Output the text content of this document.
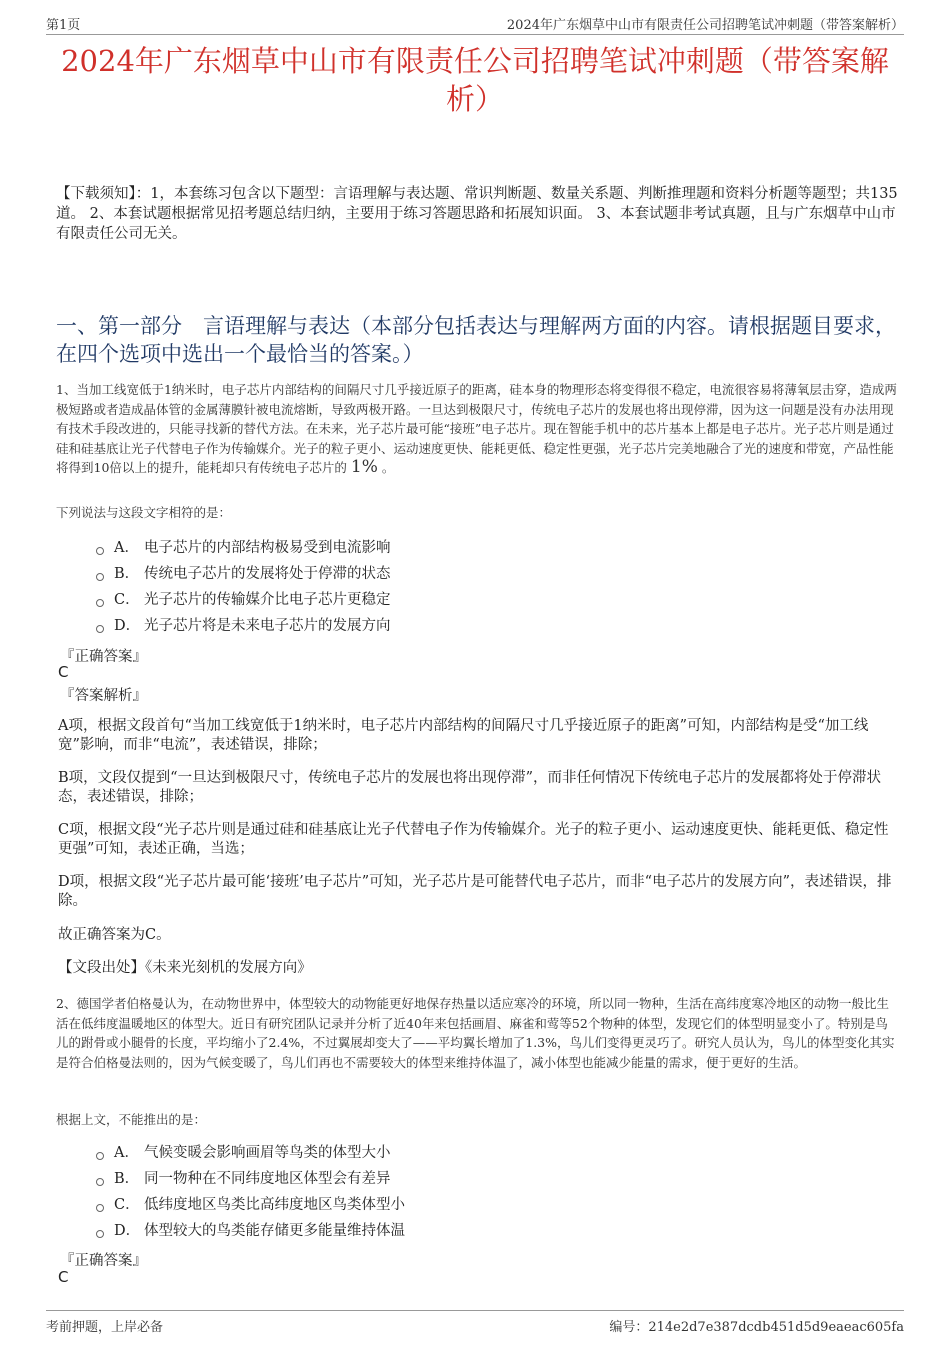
第1页	2024年广东烟草中山市有限责任公司招聘笔试冲刺题（带答案解析）
2024年广东烟草中山市有限责任公司招聘笔试冲刺题（带答案解析）
【下载须知】：1，本套练习包含以下题型：言语理解与表达题、常识判断题、数量关系题、判断推理题和资料分析题等题型；共135道。 2、本套试题根据常见招考题总结归纳，主要用于练习答题思路和拓展知识面。 3、本套试题非考试真题，且与广东烟草中山市有限责任公司无关。
一、第一部分　言语理解与表达（本部分包括表达与理解两方面的内容。请根据题目要求，在四个选项中选出一个最恰当的答案。）
1、当加工线宽低于1纳米时，电子芯片内部结构的间隔尺寸几乎接近原子的距离，硅本身的物理形态将变得很不稳定，电流很容易将薄氧层击穿，造成两极短路或者造成晶体管的金属薄膜针被电流熔断，导致两极开路。一旦达到极限尺寸，传统电子芯片的发展也将出现停滞，因为这一问题是没有办法用现有技术手段改进的，只能寻找新的替代方法。在未来，光子芯片最可能“接班”电子芯片。现在智能手机中的芯片基本上都是电子芯片。光子芯片则是通过硅和硅基底让光子代替电子作为传输媒介。光子的粒子更小、运动速度更快、能耗更低、稳定性更强，光子芯片完美地融合了光的速度和带宽，产品性能将得到10倍以上的提升，能耗却只有传统电子芯片的 1% 。
下列说法与这段文字相符的是：
A． 电子芯片的内部结构极易受到电流影响
B． 传统电子芯片的发展将处于停滞的状态
C． 光子芯片的传输媒介比电子芯片更稳定
D． 光子芯片将是未来电子芯片的发展方向
『正确答案』
C
『答案解析』
A项，根据文段首句“当加工线宽低于1纳米时，电子芯片内部结构的间隔尺寸几乎接近原子的距离”可知，内部结构是受“加工线宽”影响，而非“电流”，表述错误，排除；
B项，文段仅提到“一旦达到极限尺寸，传统电子芯片的发展也将出现停滞”，而非任何情况下传统电子芯片的发展都将处于停滞状态，表述错误，排除；
C项，根据文段“光子芯片则是通过硅和硅基底让光子代替电子作为传输媒介。光子的粒子更小、运动速度更快、能耗更低、稳定性更强”可知，表述正确，当选；
D项，根据文段“光子芯片最可能‘接班’电子芯片”可知，光子芯片是可能替代电子芯片，而非“电子芯片的发展方向”，表述错误，排除。
故正确答案为C。
【文段出处】《未来光刻机的发展方向》
2、德国学者伯格曼认为，在动物世界中，体型较大的动物能更好地保存热量以适应寒冷的环境，所以同一物种，生活在高纬度寒冷地区的动物一般比生活在低纬度温暖地区的体型大。近日有研究团队记录并分析了近40年来包括画眉、麻雀和莺等52个物种的体型，发现它们的体型明显变小了。特别是鸟儿的跗骨或小腿骨的长度，平均缩小了2.4%，不过翼展却变大了——平均翼长增加了1.3%，鸟儿们变得更灵巧了。研究人员认为，鸟儿的体型变化其实是符合伯格曼法则的，因为气候变暖了，鸟儿们再也不需要较大的体型来维持体温了，减小体型也能减少能量的需求，便于更好的生活。
根据上文，不能推出的是：
A． 气候变暖会影响画眉等鸟类的体型大小
B． 同一物种在不同纬度地区体型会有差异
C． 低纬度地区鸟类比高纬度地区鸟类体型小
D． 体型较大的鸟类能存储更多能量维持体温
『正确答案』
C
考前押题，上岸必备	编号：214e2d7e387dcdb451d5d9eaeac605fa
